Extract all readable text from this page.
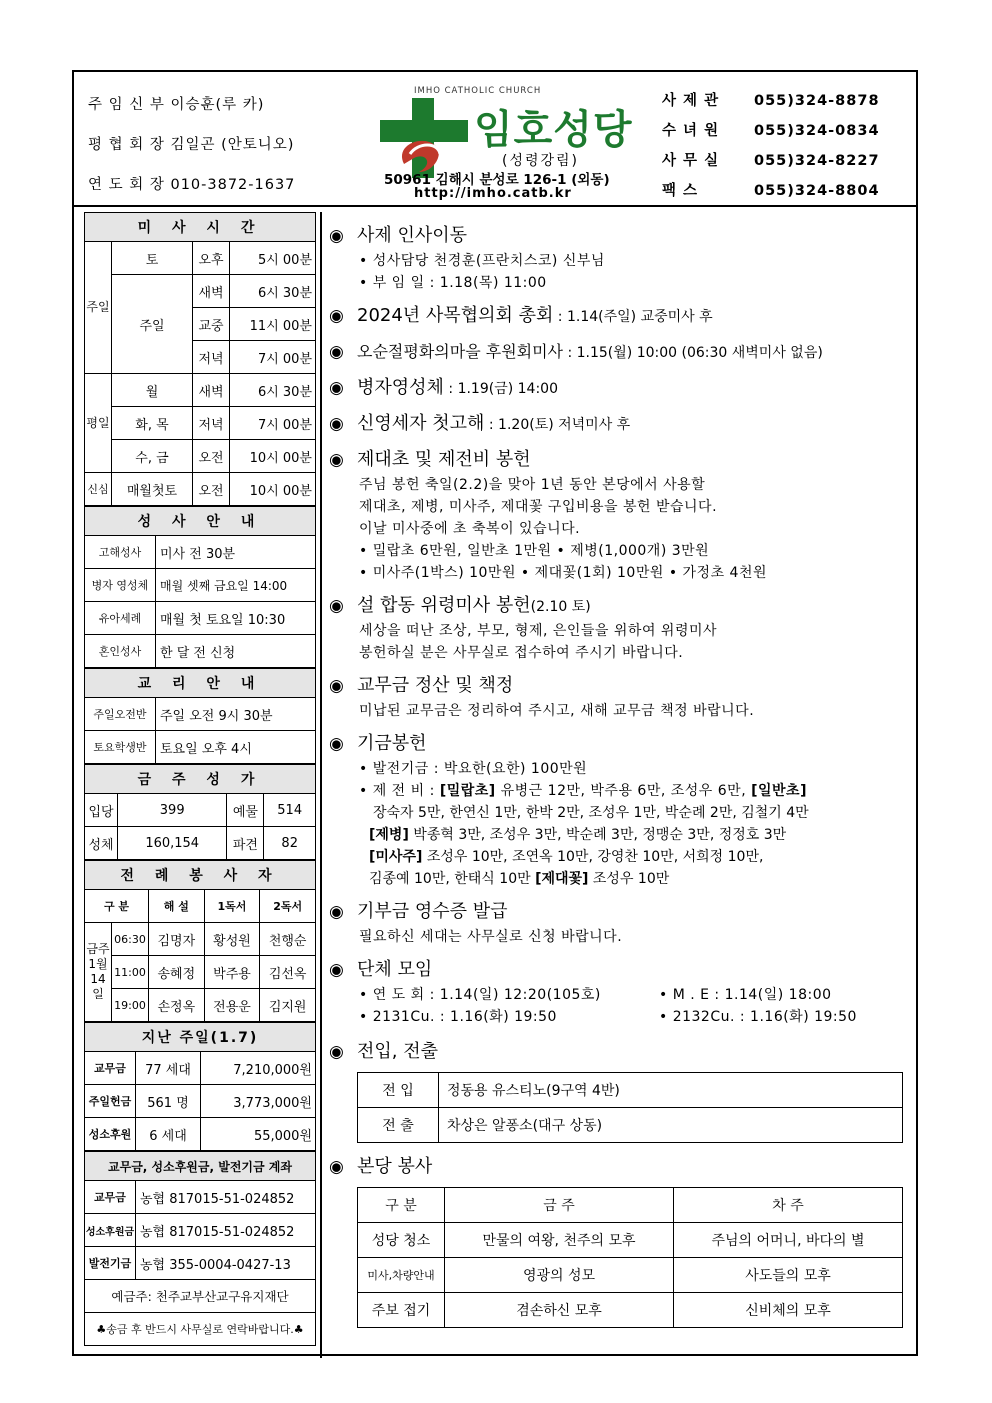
주 임 신 부 이승훈(루 카)
평 협 회 장 김일곤 (안토니오)
연 도 회 장 010-3872-1637
IMHO CATHOLIC CHURCH
임호성당
(성령강림)
50961 김해시 분성로 126-1 (외동)
http://imho.catb.kr
사 제 관 055)324-8878
수 녀 원 055)324-0834
사 무 실 055)324-8227
팩 스	055)324-8804
미 사 시 간			
주일	토	오후	5시 00분
	주일	새벽	6시 30분
		교중	11시 00분
		저녁	7시 00분
평일	월	새벽	6시 30분
	화, 목	저녁	7시 00분
	수, 금	오전	10시 00분
신심	매월첫토	오전	10시 00분
성 사 안 내	
고해성사	미사 전 30분
병자 영성체	매월 셋째 금요일 14:00
유아세례	매월 첫 토요일 10:30
혼인성사	한 달 전 신청
교 리 안 내	
주일오전반	주일 오전 9시 30분
토요학생반	토요일 오후 4시
금 주 성 가			
입당	399	예물	514
성체	160,154	파견	82
전 례 봉 사 자				
구 분		해 설	1독서	2독서
금주 1월 14일	06:30	김명자	황성원	천행순
	11:00	송혜정	박주용	김선옥
	19:00	손정옥	전용운	김지원
지난 주일(1.7)		
교무금	77 세대	7,210,000원
주일헌금	561 명	3,773,000원
성소후원	6 세대	55,000원
교무금, 성소후원금, 발전기금 계좌	
교무금	농협 817015-51-024852
성소후원금	농협 817015-51-024852
발전기금	농협 355-0004-0427-13
예금주: 천주교부산교구유지재단	
♣송금 후 반드시 사무실로 연락바랍니다.♣	
◉ 사제 인사이동
• 성사담당 천경훈(프란치스코) 신부님
• 부 임 일 : 1.18(목) 11:00
◉ 2024년 사목협의회 총회 : 1.14(주일) 교중미사 후
◉ 오순절평화의마을 후원회미사 : 1.15(월) 10:00 (06:30 새벽미사 없음)
◉ 병자영성체 : 1.19(금) 14:00
◉ 신영세자 첫고해 : 1.20(토) 저녁미사 후
◉ 제대초 및 제전비 봉헌
주님 봉헌 축일(2.2)을 맞아 1년 동안 본당에서 사용할
제대초, 제병, 미사주, 제대꽃 구입비용을 봉헌 받습니다.
이날 미사중에 초 축복이 있습니다.
• 밀랍초 6만원, 일반초 1만원 • 제병(1,000개) 3만원
• 미사주(1박스) 10만원 • 제대꽃(1회) 10만원 • 가정초 4천원
◉ 설 합동 위령미사 봉헌(2.10 토)
세상을 떠난 조상, 부모, 형제, 은인들을 위하여 위령미사
봉헌하실 분은 사무실로 접수하여 주시기 바랍니다.
◉ 교무금 정산 및 책정
미납된 교무금은 정리하여 주시고, 새해 교무금 책정 바랍니다.
◉ 기금봉헌
• 발전기금 : 박요한(요한) 100만원
• 제 전 비 : [밀랍초] 유병근 12만, 박주용 6만, 조성우 6만, [일반초]
장숙자 5만, 한연신 1만, 한박 2만, 조성우 1만, 박순례 2만, 김철기 4만
[제병] 박종혁 3만, 조성우 3만, 박순례 3만, 정맹순 3만, 정정호 3만
[미사주] 조성우 10만, 조연옥 10만, 강영찬 10만, 서희정 10만,
김종예 10만, 한태식 10만 [제대꽃] 조성우 10만
◉ 기부금 영수증 발급
필요하신 세대는 사무실로 신청 바랍니다.
◉ 단체 모임
• 연 도 회 : 1.14(일) 12:20(105호)	• M . E : 1.14(일) 18:00
• 2131Cu. : 1.16(화) 19:50	• 2132Cu. : 1.16(화) 19:50
◉ 전입, 전출
전 입	정동용 유스티노(9구역 4반)
전 출	차상은 알퐁소(대구 상동)
◉ 본당 봉사
구 분	금 주	차 주
성당 청소	만물의 여왕, 천주의 모후	주님의 어머니, 바다의 별
미사,차량안내	영광의 성모	사도들의 모후
주보 접기	겸손하신 모후	신비체의 모후
